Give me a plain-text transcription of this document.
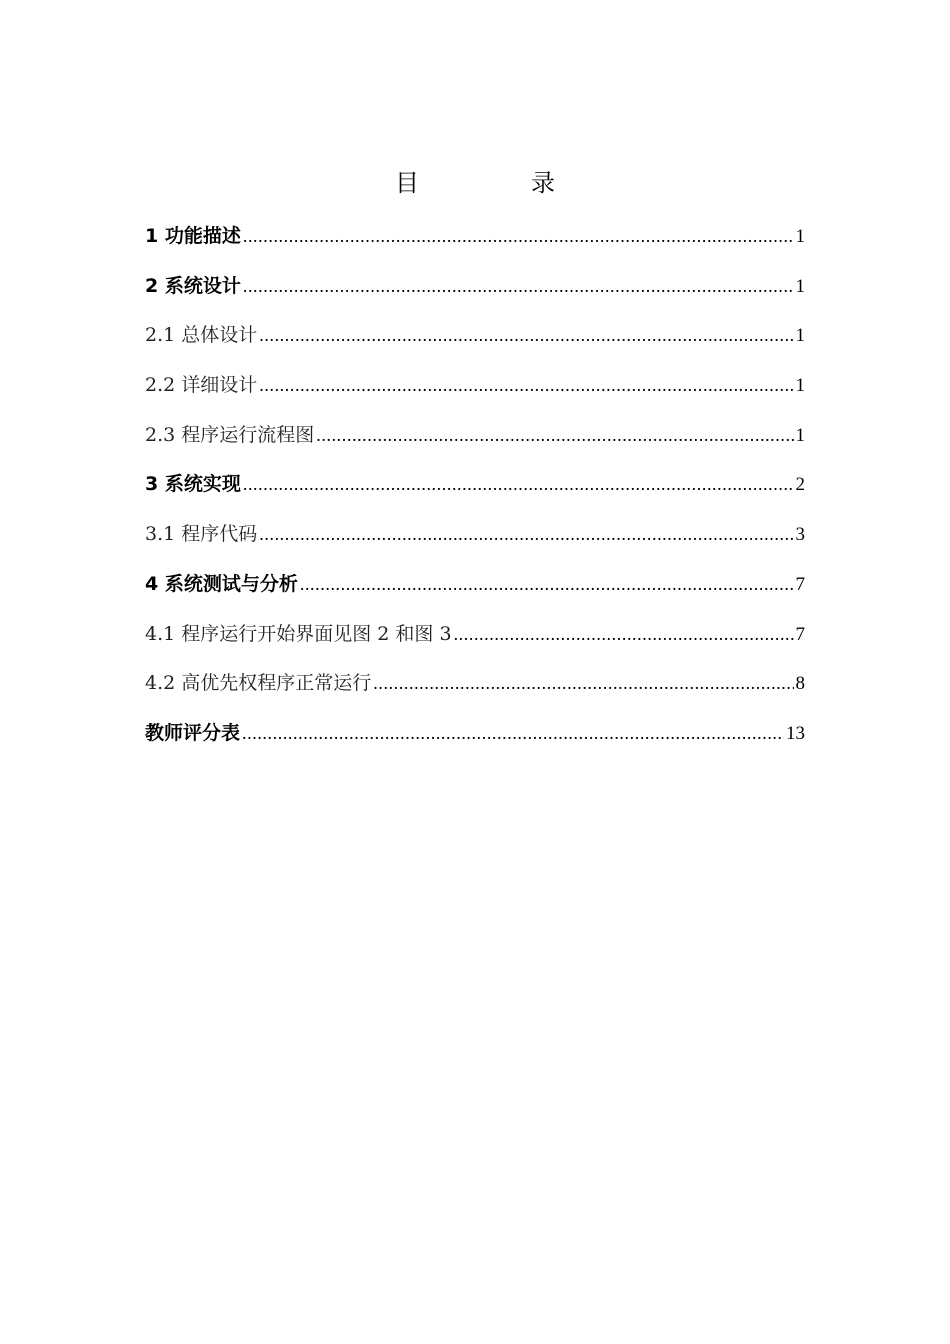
目　录
1 功能描述 .....	1
2 系统设计 .....	1
2.1 总体设计 .....	1
2.2 详细设计 .....	1
2.3 程序运行流程图 .....	1
3 系统实现 .....	2
3.1 程序代码 .....	3
4 系统测试与分析 .....	7
4.1 程序运行开始界面见图 2 和图 3 .....	7
4.2 高优先权程序正常运行 .....	8
教师评分表 .....	13
